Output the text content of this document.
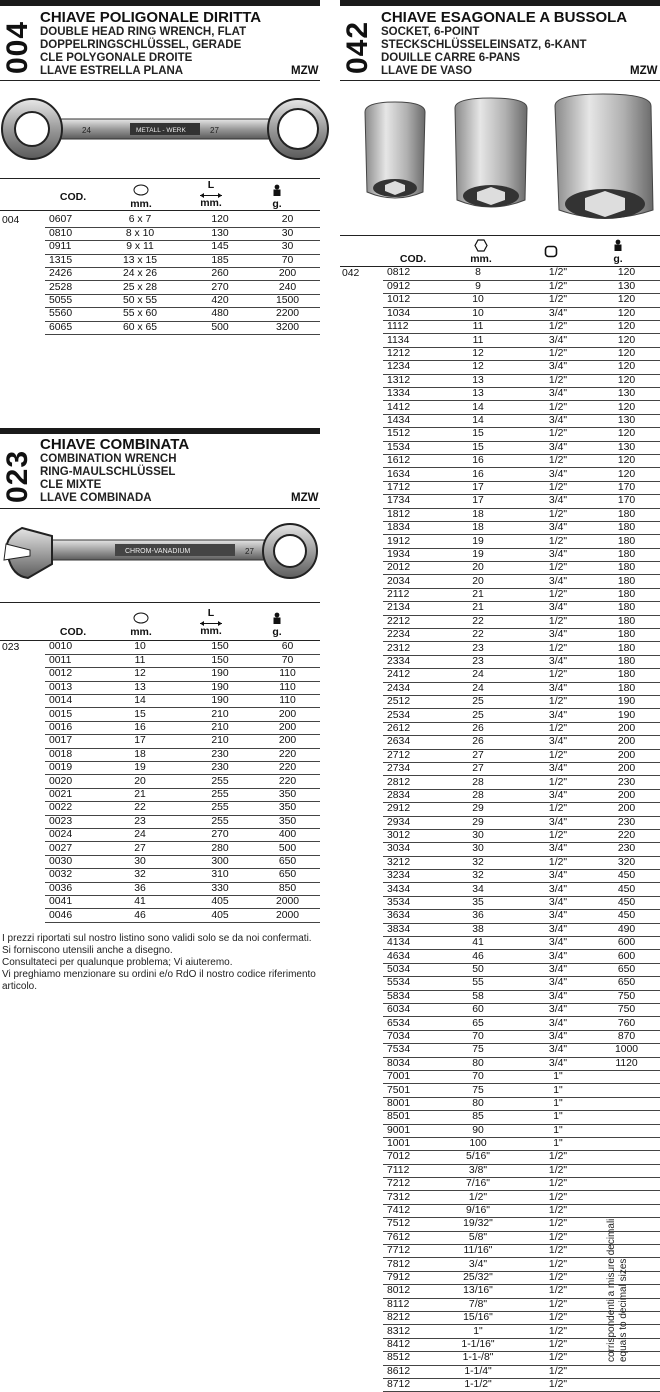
004
CHIAVE POLIGONALE DIRITTA
DOUBLE HEAD RING WRENCH, FLAT
DOPPELRINGSCHLÜSSEL, GERADE
CLE POLYGONALE DROITE
LLAVE ESTRELLA PLANA	MZW
24	METALL - WERK	27
COD.
mm.
L
mm.	g.
004	0607	6 x 7	120	20
	0810	8 x 10	130	30
	0911	9 x 11	145	30
	1315	13 x 15	185	70
	2426	24 x 26	260	200
	2528	25 x 28	270	240
	5055	50 x 55	420	1500
	5560	55 x 60	480	2200
	6065	60 x 65	500	3200
023
CHIAVE COMBINATA
COMBINATION WRENCH
RING-MAULSCHLÜSSEL
CLE MIXTE
LLAVE COMBINADA	MZW
CHROM-VANADIUM	27
COD.	mm.
L
mm.	g.
023	0010	10	150	60
	0011	11	150	70
	0012	12	190	110
	0013	13	190	110
	0014	14	190	110
	0015	15	210	200
	0016	16	210	200
	0017	17	210	200
	0018	18	230	220
	0019	19	230	220
	0020	20	255	220
	0021	21	255	350
	0022	22	255	350
	0023	23	255	350
	0024	24	270	400
	0027	27	280	500
	0030	30	300	650
	0032	32	310	650
	0036	36	330	850
	0041	41	405	2000
	0046	46	405	2000
I prezzi riportati sul nostro listino sono validi solo se da noi confermati.
Si forniscono utensili anche a disegno.
Consultateci per qualunque problema; Vi aiuteremo.
Vi preghiamo menzionare su ordini e/o RdO il nostro codice riferimento articolo.
042
CHIAVE ESAGONALE A BUSSOLA
SOCKET, 6-POINT
STECKSCHLÜSSELEINSATZ, 6-KANT
DOUILLE CARRE 6-PANS
LLAVE DE VASO	MZW
COD.	mm.	g.
042	0812	8	1/2"	120
	0912	9	1/2"	130
	1012	10	1/2"	120
	1034	10	3/4"	120
	1112	11	1/2"	120
	1134	11	3/4"	120
	1212	12	1/2"	120
	1234	12	3/4"	120
	1312	13	1/2"	120
	1334	13	3/4"	130
	1412	14	1/2"	120
	1434	14	3/4"	130
	1512	15	1/2"	120
	1534	15	3/4"	130
	1612	16	1/2"	120
	1634	16	3/4"	120
	1712	17	1/2"	170
	1734	17	3/4"	170
	1812	18	1/2"	180
	1834	18	3/4"	180
	1912	19	1/2"	180
	1934	19	3/4"	180
	2012	20	1/2"	180
	2034	20	3/4"	180
	2112	21	1/2"	180
	2134	21	3/4"	180
	2212	22	1/2"	180
	2234	22	3/4"	180
	2312	23	1/2"	180
	2334	23	3/4"	180
	2412	24	1/2"	180
	2434	24	3/4"	180
	2512	25	1/2"	190
	2534	25	3/4"	190
	2612	26	1/2"	200
	2634	26	3/4"	200
	2712	27	1/2"	200
	2734	27	3/4"	200
	2812	28	1/2"	230
	2834	28	3/4"	200
	2912	29	1/2"	200
	2934	29	3/4"	230
	3012	30	1/2"	220
	3034	30	3/4"	230
	3212	32	1/2"	320
	3234	32	3/4"	450
	3434	34	3/4"	450
	3534	35	3/4"	450
	3634	36	3/4"	450
	3834	38	3/4"	490
	4134	41	3/4"	600
	4634	46	3/4"	600
	5034	50	3/4"	650
	5534	55	3/4"	650
	5834	58	3/4"	750
	6034	60	3/4"	750
	6534	65	3/4"	760
	7034	70	3/4"	870
	7534	75	3/4"	1000
	8034	80	3/4"	1120
	7001	70	1"	
	7501	75	1"	
	8001	80	1"	
	8501	85	1"	
	9001	90	1"	
	1001	100	1"	
	7012	5/16"	1/2"	
	7112	3/8"	1/2"	
	7212	7/16"	1/2"	
	7312	1/2"	1/2"	
	7412	9/16"	1/2"	
	7512	19/32"	1/2"	
	7612	5/8"	1/2"	
	7712	11/16"	1/2"	
	7812	3/4"	1/2"	
	7912	25/32"	1/2"	
	8012	13/16"	1/2"	
	8112	7/8"	1/2"	
	8212	15/16"	1/2"	
	8312	1"	1/2"	
	8412	1-1/16"	1/2"	
	8512	1-1-/8"	1/2"	
	8612	1-1/4"	1/2"	
	8712	1-1/2"	1/2"	
corrispondenti a misure decimali equals to decimal sizes
